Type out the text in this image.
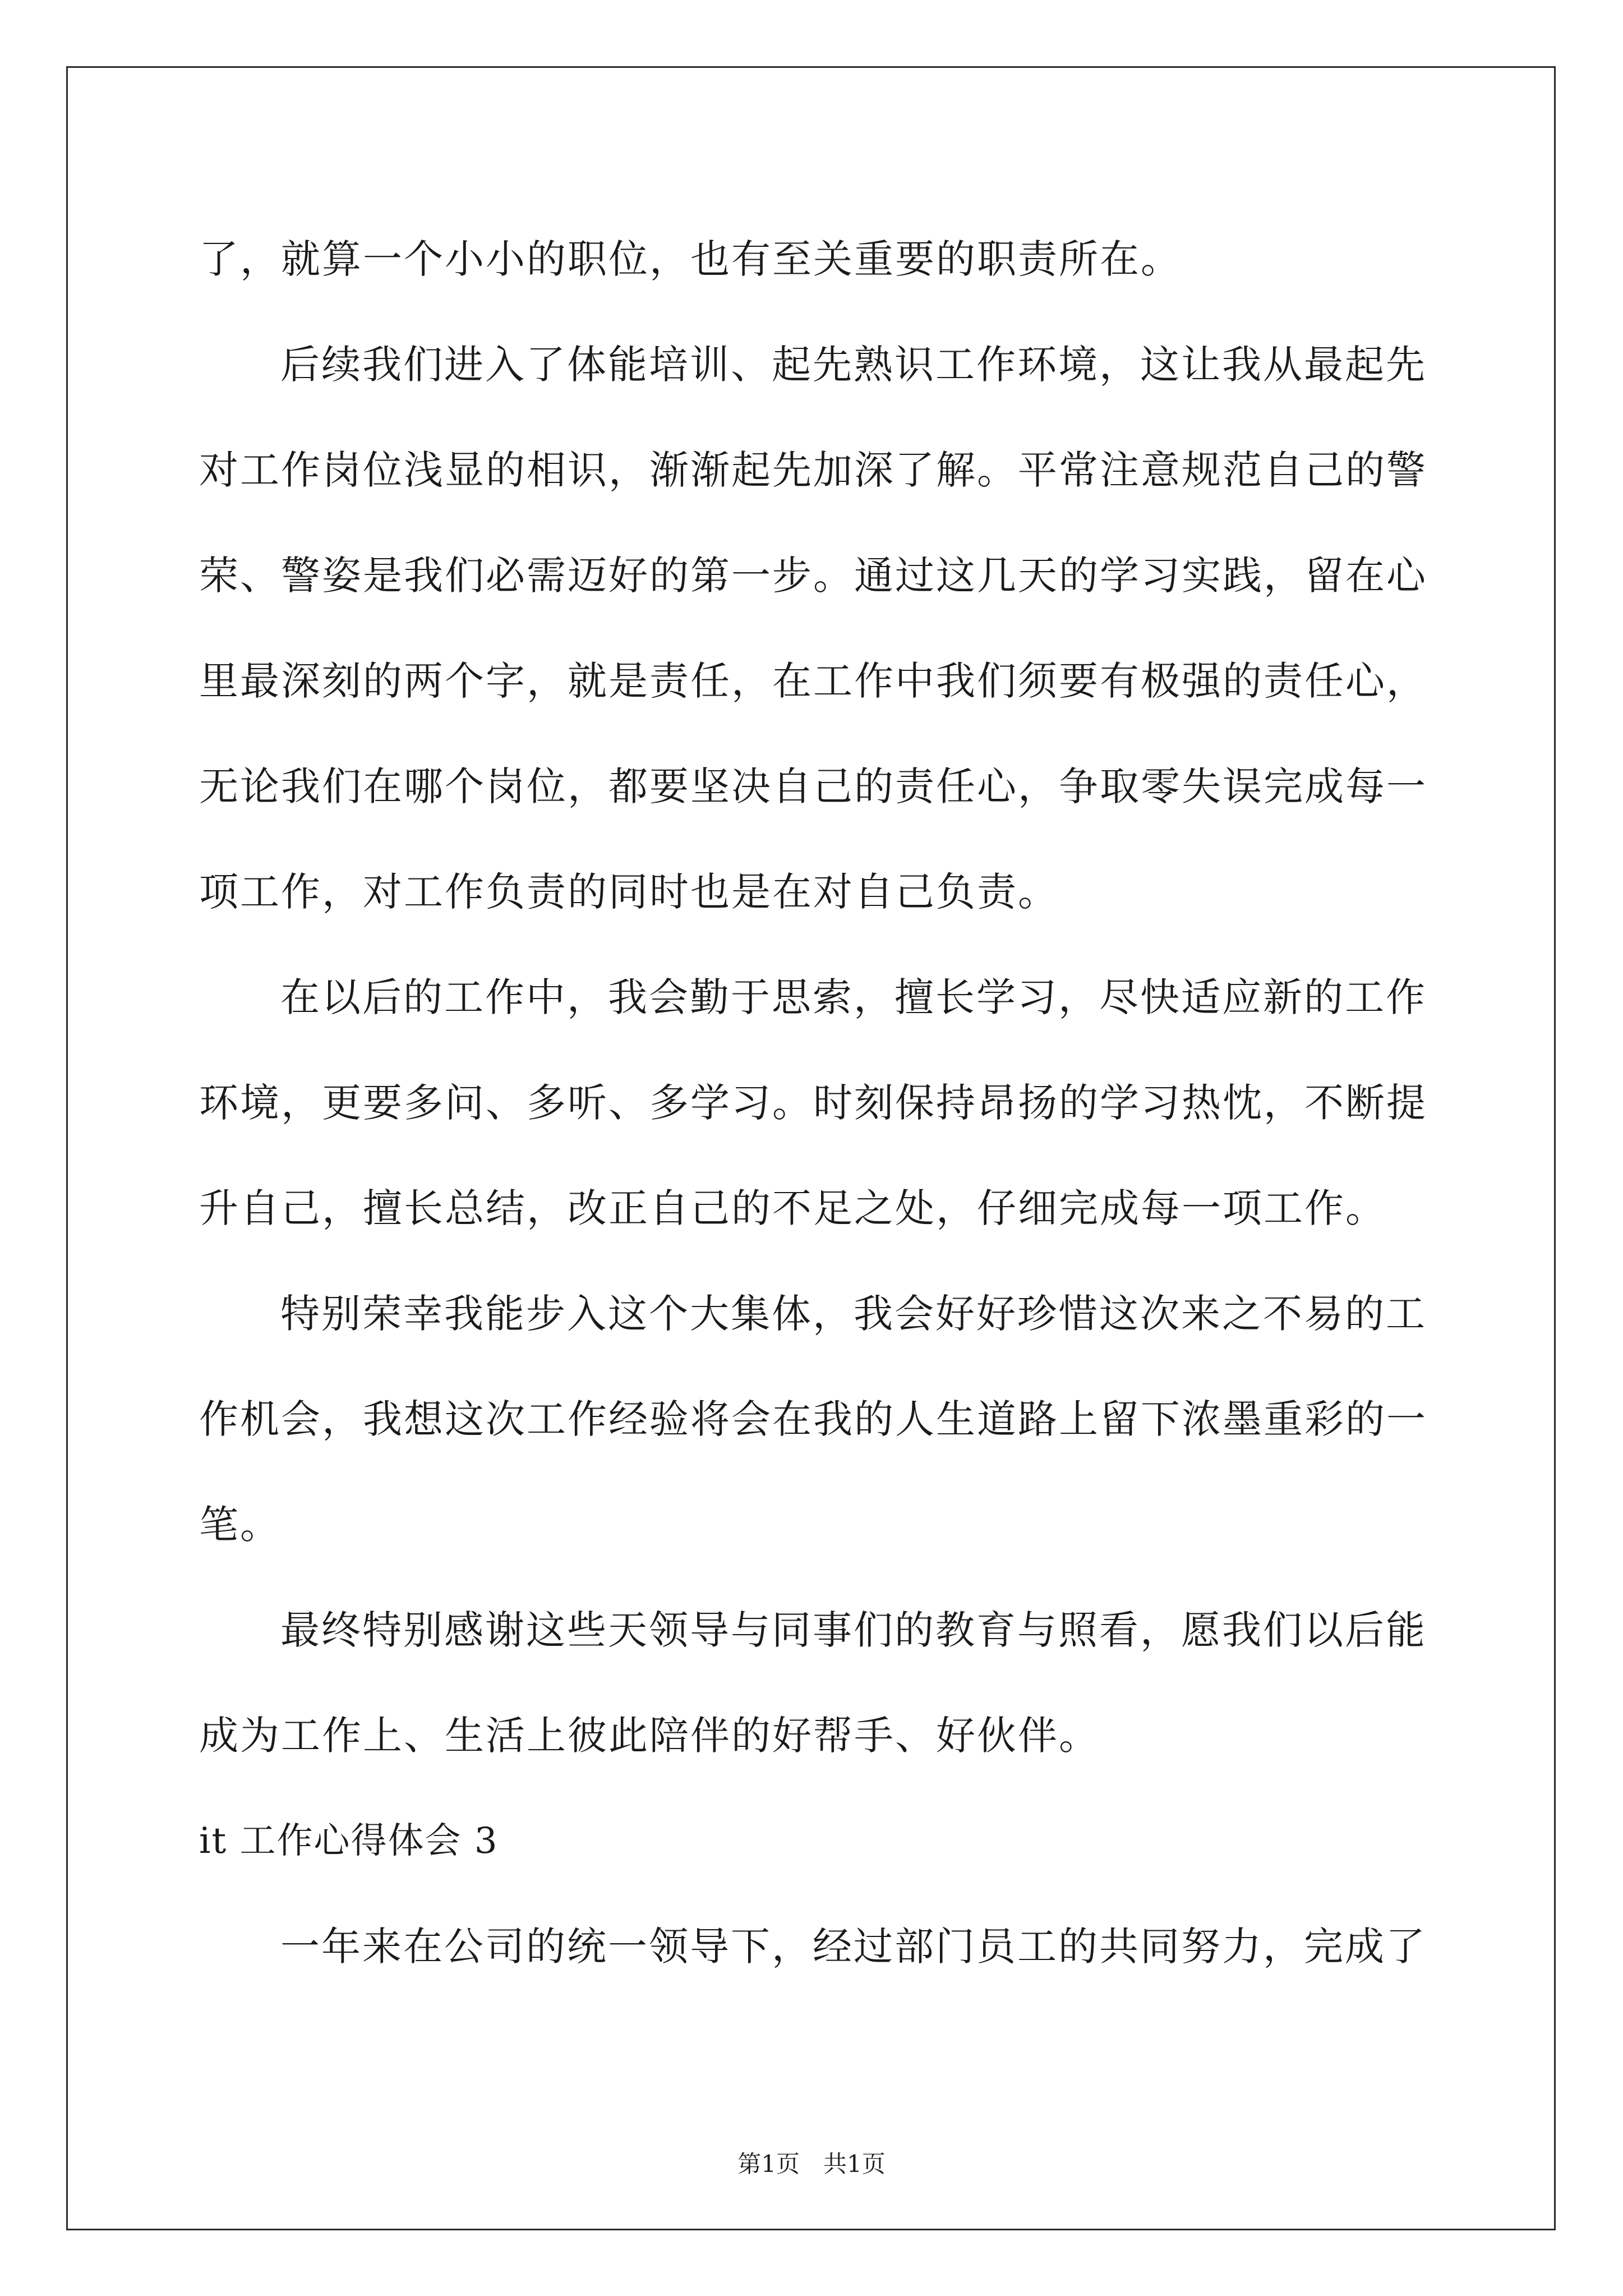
了，就算一个小小的职位，也有至关重要的职责所在。
后续我们进入了体能培训、起先熟识工作环境，这让我从最起先
对工作岗位浅显的相识，渐渐起先加深了解。平常注意规范自己的警
荣、警姿是我们必需迈好的第一步。通过这几天的学习实践，留在心
里最深刻的两个字，就是责任，在工作中我们须要有极强的责任心，
无论我们在哪个岗位，都要坚决自己的责任心，争取零失误完成每一
项工作，对工作负责的同时也是在对自己负责。
在以后的工作中，我会勤于思索，擅长学习，尽快适应新的工作
环境，更要多问、多听、多学习。时刻保持昂扬的学习热忱，不断提
升自己，擅长总结，改正自己的不足之处，仔细完成每一项工作。
特别荣幸我能步入这个大集体，我会好好珍惜这次来之不易的工
作机会，我想这次工作经验将会在我的人生道路上留下浓墨重彩的一
笔。
最终特别感谢这些天领导与同事们的教育与照看，愿我们以后能
成为工作上、生活上彼此陪伴的好帮手、好伙伴。
it 工作心得体会 3
一年来在公司的统一领导下，经过部门员工的共同努力，完成了
第1页　共1页
